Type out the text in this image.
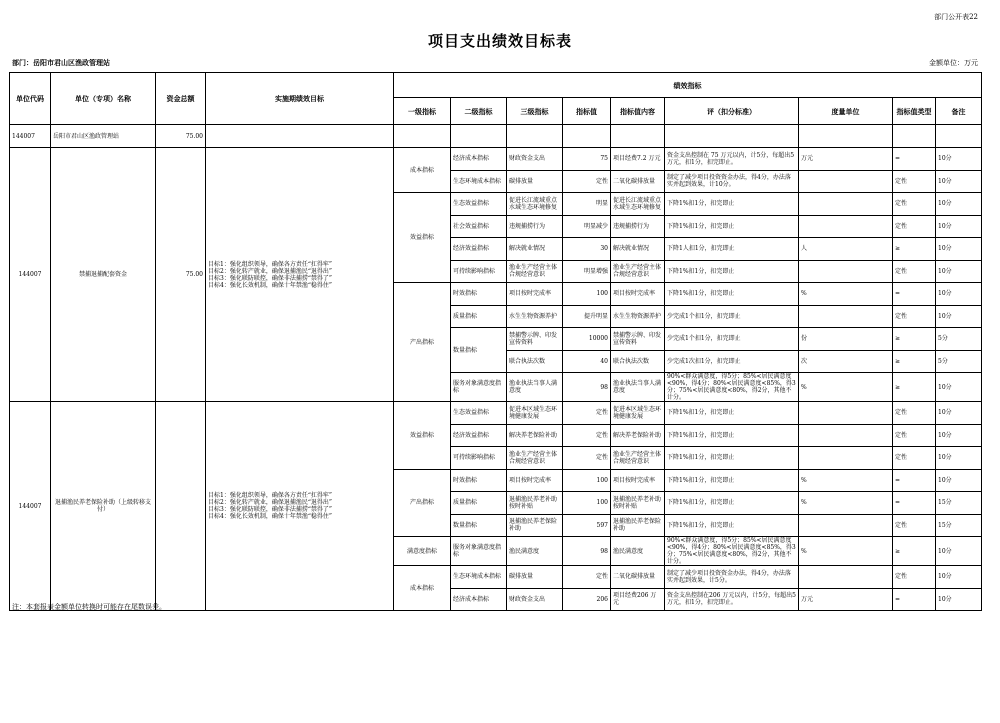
部门公开表22
项目支出绩效目标表
部门：岳阳市君山区渔政管理站	金额单位：万元
单位代码	单位（专项）名称	资金总额	实施期绩效目标	绩效指标								
				一级指标	二级指标	三级指标	指标值	指标值内容	评（扣分标准）	度量单位	指标值类型	备注
144007	岳阳市君山区渔政管理站	75.00										
144007	禁捕退捕配套资金	75.00	目标1：强化组织领导，确保各方责任“扛得牢”
目标2：强化转产就业，确保退捕渔民“退得出”
目标3：强化联防联控，确保非法捕捞“禁得了”
目标4：强化长效机制，确保十年禁渔“稳得住”	成本指标	经济成本指标	财政资金支出	75	项目经费7.2 万元	资金支出控制在 75 万元以内，计5分，每超出5 万元，扣1分，扣完即止。	万元	=	10分
					生态环境成本指标	碳排放量	定性	二氧化碳排放量	制定了减少项目投资资金办法，得4分，办法落实并起到效果，计10分。		定性	10分
				效益指标	生态效益指标	促进长江流域重点水域生态环境修复	明显	促进长江流域重点水域生态环境修复	下降1%扣1分，扣完即止		定性	10分
					社会效益指标	违规捕捞行为	明显减少	违规捕捞行为	下降1%扣1分，扣完即止		定性	10分
					经济效益指标	解决就业情况	30	解决就业情况	下降1人扣1分，扣完即止	人	≥	10分
					可持续影响指标	渔业生产经营主体合规经营意识	明显增强	渔业生产经营主体合规经营意识	下降1%扣1分，扣完即止		定性	10分
				产出指标	时效指标	项目按时完成率	100	项目按时完成率	下降1%扣1分，扣完即止	%	=	10分
					质量指标	水生生物资源养护	提升明显	水生生物资源养护	少完成1个扣1分，扣完即止		定性	10分
					数量指标	禁捕警示牌、印发宣传资料	10000	禁捕警示牌、印发宣传资料	少完成1个扣1分，扣完即止	份	≥	5分
						联合执法次数	40	联合执法次数	少完成1次扣1分，扣完即止	次	≥	5分
					服务对象满意度指标	渔业执法当事人满意度	98	渔业执法当事人满意度	90%<群众满意度，得5分；85%<居民满意度<90%，得4分；80%<居民满意度<85%，得3分；75%<居民满意度<80%，得2分，其他不计分。	%	≥	10分
144007	退捕渔民养老保险补助（上级转移支付）		目标1：强化组织领导，确保各方责任“扛得牢”
目标2：强化转产就业，确保退捕渔民“退得出”
目标3：强化联防联控，确保非法捕捞“禁得了”
目标4：强化长效机制，确保十年禁渔“稳得住”	效益指标	生态效益指标	促进本区域生态环境健康发展	定性	促进本区域生态环境健康发展	下降1%扣1分，扣完即止		定性	10分
					经济效益指标	解决养老保险补助	定性	解决养老保险补助	下降1%扣1分，扣完即止		定性	10分
					可持续影响指标	渔业生产经营主体合规经营意识	定性	渔业生产经营主体合规经营意识	下降1%扣1分，扣完即止		定性	10分
				产出指标	时效指标	项目按时完成率	100	项目按时完成率	下降1%扣1分，扣完即止	%	=	10分
					质量指标	退捕渔民养老补助按时补贴	100	退捕渔民养老补助按时补贴	下降1%扣1分，扣完即止	%	=	15分
					数量指标	退捕渔民养老保险补助	597	退捕渔民养老保险补助	下降1%扣1分，扣完即止		定性	15分
				满意度指标	服务对象满意度指标	渔民满意度	98	渔民满意度	90%<群众满意度，得5分；85%<居民满意度<90%，得4分；80%<居民满意度<85%，得3分；75%<居民满意度<80%，得2分，其他不计分。	%	≥	10分
				成本指标	生态环境成本指标	碳排放量	定性	二氧化碳排放量	制定了减少项目投资资金办法，得4分，办法落实并起到效果，计5分。		定性	10分
					经济成本指标	财政资金支出	206	项目经费206 万元	资金支出控制在206 万元以内，计5分，每超出5 万元，扣1分，扣完即止。	万元	=	10分
注：本套报表金额单位转换时可能存在尾数误差。
